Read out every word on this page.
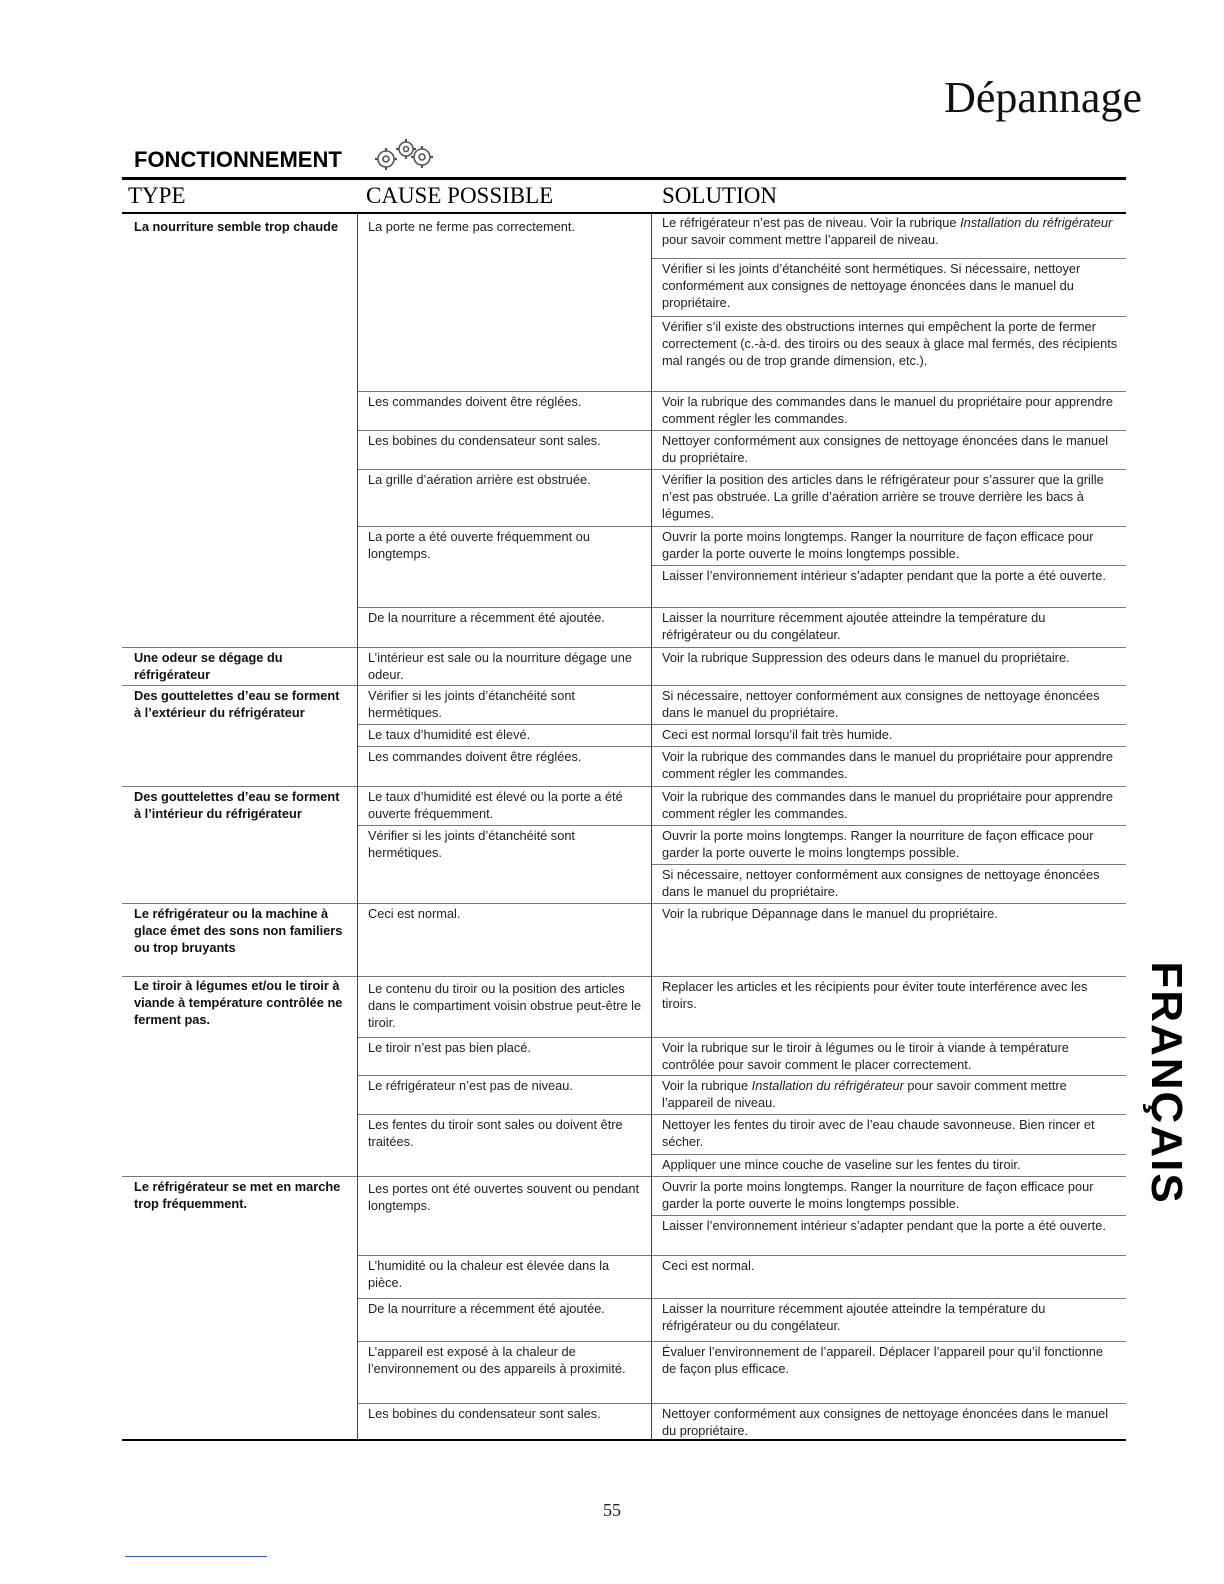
Dépannage
FONCTIONNEMENT
TYPE	CAUSE POSSIBLE	SOLUTION
La nourriture semble trop chaude
Une odeur se dégage du réfrigérateur
Des gouttelettes d’eau se forment à l’extérieur du réfrigérateur
Des gouttelettes d’eau se forment à l’intérieur du réfrigérateur
Le réfrigérateur ou la machine à glace émet des sons non familiers ou trop bruyants
Le tiroir à légumes et/ou le tiroir à viande à température contrôlée ne ferment pas.
Le réfrigérateur se met en marche trop fréquemment.
La porte ne ferme pas correctement.
Les commandes doivent être réglées.
Les bobines du condensateur sont sales.
La grille d’aération arrière est obstruée.
La porte a été ouverte fréquemment ou longtemps.
De la nourriture a récemment été ajoutée.
L’intérieur est sale ou la nourriture dégage une odeur.
Vérifier si les joints d’étanchéité sont hermétiques.
Le taux d’humidité est élevé.
Les commandes doivent être réglées.
Le taux d’humidité est élevé ou la porte a été ouverte fréquemment.
Vérifier si les joints d’étanchéité sont hermétiques.
Ceci est normal.
Le contenu du tiroir ou la position des articles dans le compartiment voisin obstrue peut-être le tiroir.
Le tiroir n’est pas bien placé.
Le réfrigérateur n’est pas de niveau.
Les fentes du tiroir sont sales ou doivent être traitées.
Les portes ont été ouvertes souvent ou pendant longtemps.
L’humidité ou la chaleur est élevée dans la pièce.
De la nourriture a récemment été ajoutée.
L’appareil est exposé à la chaleur de l’environnement ou des appareils à proximité.
Les bobines du condensateur sont sales.
Le réfrigérateur n’est pas de niveau. Voir la rubrique Installation du réfrigérateur pour savoir comment mettre l’appareil de niveau.
Vérifier si les joints d’étanchéité sont hermétiques. Si nécessaire, nettoyer conformément aux consignes de nettoyage énoncées dans le manuel du propriétaire.
Vérifier s’il existe des obstructions internes qui empêchent la porte de fermer correctement (c.-à-d. des tiroirs ou des seaux à glace mal fermés, des récipients mal rangés ou de trop grande dimension, etc.).
Voir la rubrique des commandes dans le manuel du propriétaire pour apprendre comment régler les commandes.
Nettoyer conformément aux consignes de nettoyage énoncées dans le manuel du propriétaire.
Vérifier la position des articles dans le réfrigérateur pour s’assurer que la grille n’est pas obstruée. La grille d’aération arrière se trouve derrière les bacs à légumes.
Ouvrir la porte moins longtemps. Ranger la nourriture de façon efficace pour garder la porte ouverte le moins longtemps possible.
Laisser l’environnement intérieur s’adapter pendant que la porte a été ouverte.
Laisser la nourriture récemment ajoutée atteindre la température du réfrigérateur ou du congélateur.
Voir la rubrique Suppression des odeurs dans le manuel du propriétaire.
Si nécessaire, nettoyer conformément aux consignes de nettoyage énoncées dans le manuel du propriétaire.
Ceci est normal lorsqu’il fait très humide.
Voir la rubrique des commandes dans le manuel du propriétaire pour apprendre comment régler les commandes.
Voir la rubrique des commandes dans le manuel du propriétaire pour apprendre comment régler les commandes.
Ouvrir la porte moins longtemps. Ranger la nourriture de façon efficace pour garder la porte ouverte le moins longtemps possible.
Si nécessaire, nettoyer conformément aux consignes de nettoyage énoncées dans le manuel du propriétaire.
Voir la rubrique Dépannage dans le manuel du propriétaire.
Replacer les articles et les récipients pour éviter toute interférence avec les tiroirs.
Voir la rubrique sur le tiroir à légumes ou le tiroir à viande à température contrôlée pour savoir comment le placer correctement.
Voir la rubrique Installation du réfrigérateur pour savoir comment mettre l’appareil de niveau.
Nettoyer les fentes du tiroir avec de l’eau chaude savonneuse. Bien rincer et sécher.
Appliquer une mince couche de vaseline sur les fentes du tiroir.
Ouvrir la porte moins longtemps. Ranger la nourriture de façon efficace pour garder la porte ouverte le moins longtemps possible.
Laisser l’environnement intérieur s’adapter pendant que la porte a été ouverte.
Ceci est normal.
Laisser la nourriture récemment ajoutée atteindre la température du réfrigérateur ou du congélateur.
Évaluer l’environnement de l’appareil. Déplacer l’appareil pour qu’il fonctionne de façon plus efficace.
Nettoyer conformément aux consignes de nettoyage énoncées dans le manuel du propriétaire.
FRANÇAIS
55
